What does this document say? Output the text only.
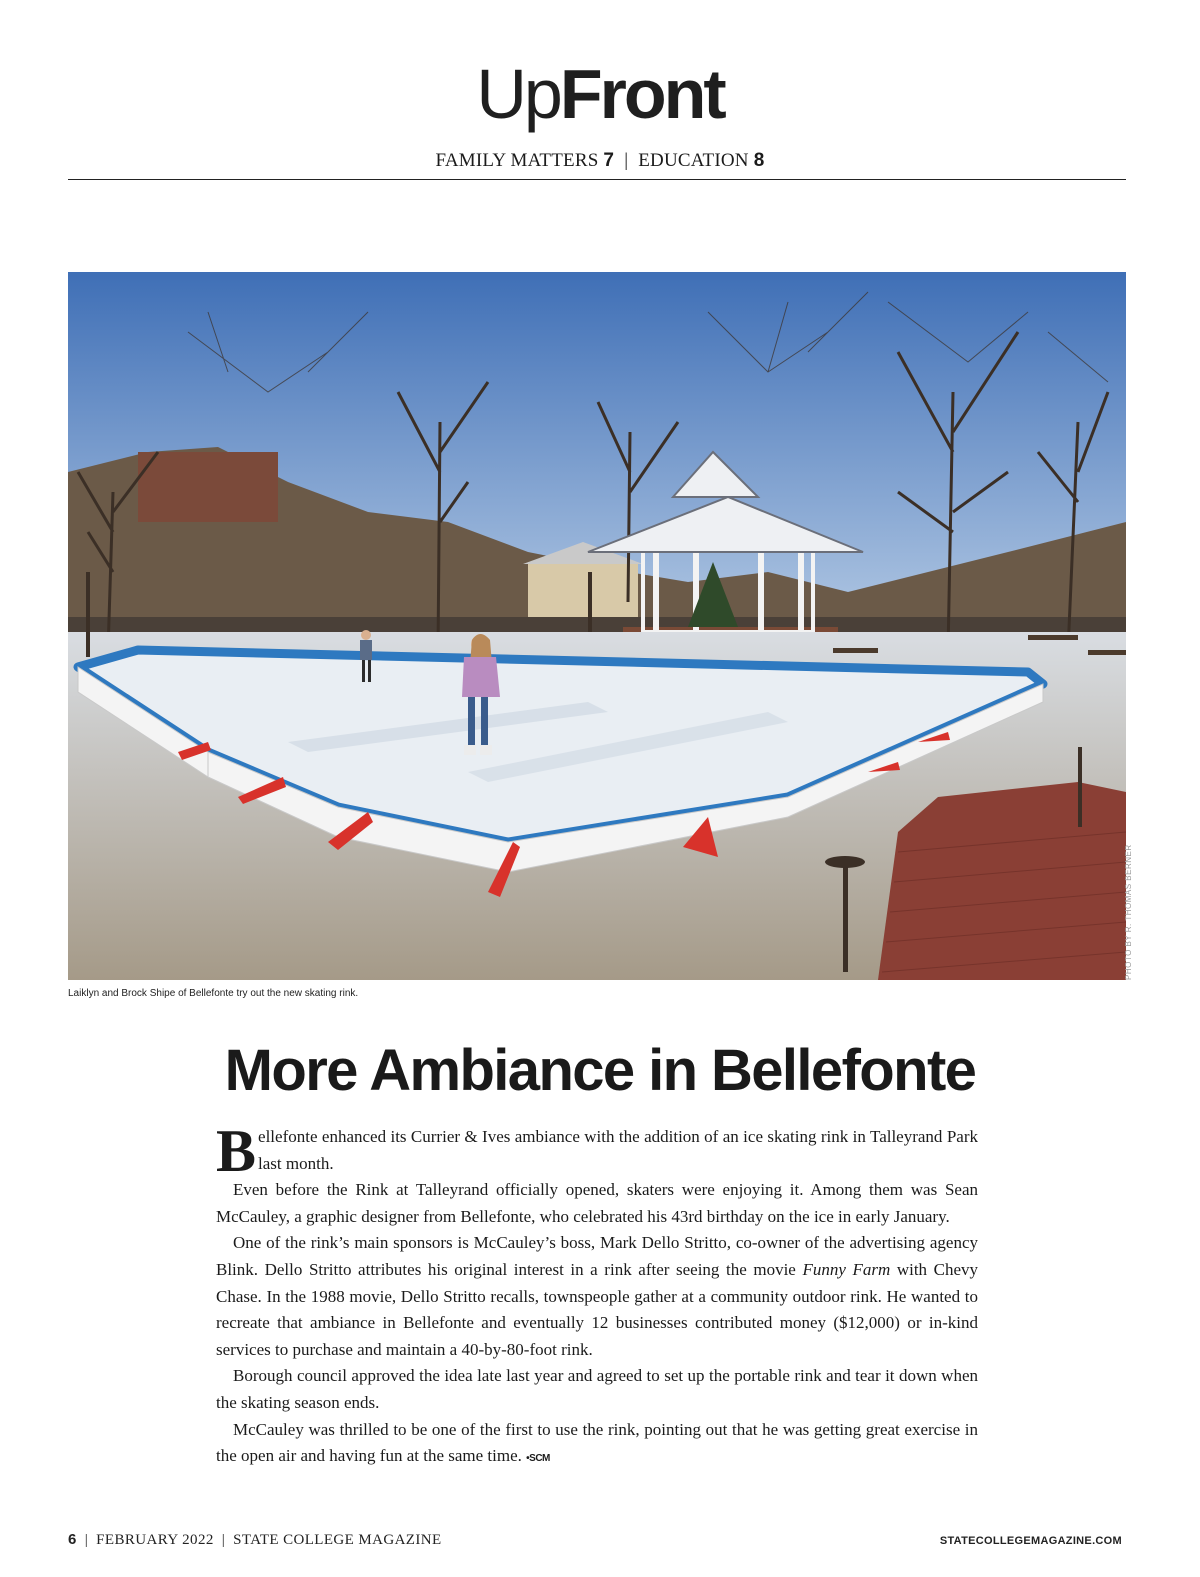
UpFront
FAMILY MATTERS 7 | EDUCATION 8
PHOTO BY R. THOMAS BERNER
Laiklyn and Brock Shipe of Bellefonte try out the new skating rink.
More Ambiance in Bellefonte

Bellefonte enhanced its Currier & Ives ambiance with the addition of an ice skating rink in Talleyrand Park last month.

Even before the Rink at Talleyrand officially opened, skaters were enjoying it. Among them was Sean McCauley, a graphic designer from Bellefonte, who celebrated his 43rd birthday on the ice in early January.

One of the rink’s main sponsors is McCauley’s boss, Mark Dello Stritto, co-owner of the advertising agency Blink. Dello Stritto attributes his original interest in a rink after seeing the movie Funny Farm with Chevy Chase. In the 1988 movie, Dello Stritto recalls, townspeople gather at a community outdoor rink. He wanted to recreate that ambiance in Bellefonte and eventually 12 businesses contributed money ($12,000) or in-kind services to purchase and maintain a 40-by-80-foot rink.

Borough council approved the idea late last year and agreed to set up the portable rink and tear it down when the skating season ends.

McCauley was thrilled to be one of the first to use the rink, pointing out that he was getting great exercise in the open air and having fun at the same time. •SCM

6 | FEBRUARY 2022 | STATE COLLEGE MAGAZINE	STATECOLLEGEMAGAZINE.COM
